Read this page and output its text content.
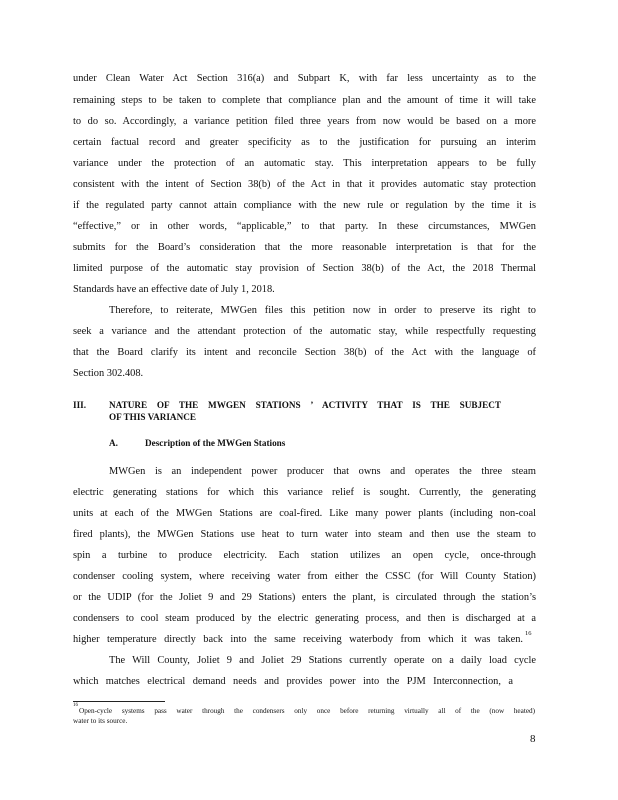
under Clean Water Act Section 316(a) and Subpart K, with far less uncertainty as to the
remaining steps to be taken to complete that compliance plan and the amount of time it will take
to do so. Accordingly, a variance petition filed three years from now would be based on a more
certain factual record and greater specificity as to the justification for pursuing an interim
variance under the protection of an automatic stay. This interpretation appears to be fully
consistent with the intent of Section 38(b) of the Act in that it provides automatic stay protection
if the regulated party cannot attain compliance with the new rule or regulation by the time it is
“effective,” or in other words, “applicable,” to that party. In these circumstances, MWGen
submits for the Board’s consideration that the more reasonable interpretation is that for the
limited purpose of the automatic stay provision of Section 38(b) of the Act, the 2018 Thermal
Standards have an effective date of July 1, 2018.
Therefore, to reiterate, MWGen files this petition now in order to preserve its right to
seek a variance and the attendant protection of the automatic stay, while respectfully requesting
that the Board clarify its intent and reconcile Section 38(b) of the Act with the language of
Section 302.408.
III. NATURE OF THE MWGEN STATIONS ’ ACTIVITY THAT IS THE SUBJECT
OF THIS VARIANCE
A.	Description of the MWGen Stations
MWGen is an independent power producer that owns and operates the three steam
electric generating stations for which this variance relief is sought. Currently, the generating
units at each of the MWGen Stations are coal-fired. Like many power plants (including non-coal
fired plants), the MWGen Stations use heat to turn water into steam and then use the steam to
spin a turbine to produce electricity. Each station utilizes an open cycle, once-through
condenser cooling system, where receiving water from either the CSSC (for Will County Station)
or the UDIP (for the Joliet 9 and 29 Stations) enters the plant, is circulated through the station’s
condensers to cool steam produced by the electric generating process, and then is discharged at a
higher temperature directly back into the same receiving waterbody from which it was taken.
16
The Will County, Joliet 9 and Joliet 29 Stations currently operate on a daily load cycle
which matches electrical demand needs and provides power into the PJM Interconnection, a
16
Open-cycle systems pass water through the condensers only once before returning virtually all of the (now heated)
water to its source.
8
